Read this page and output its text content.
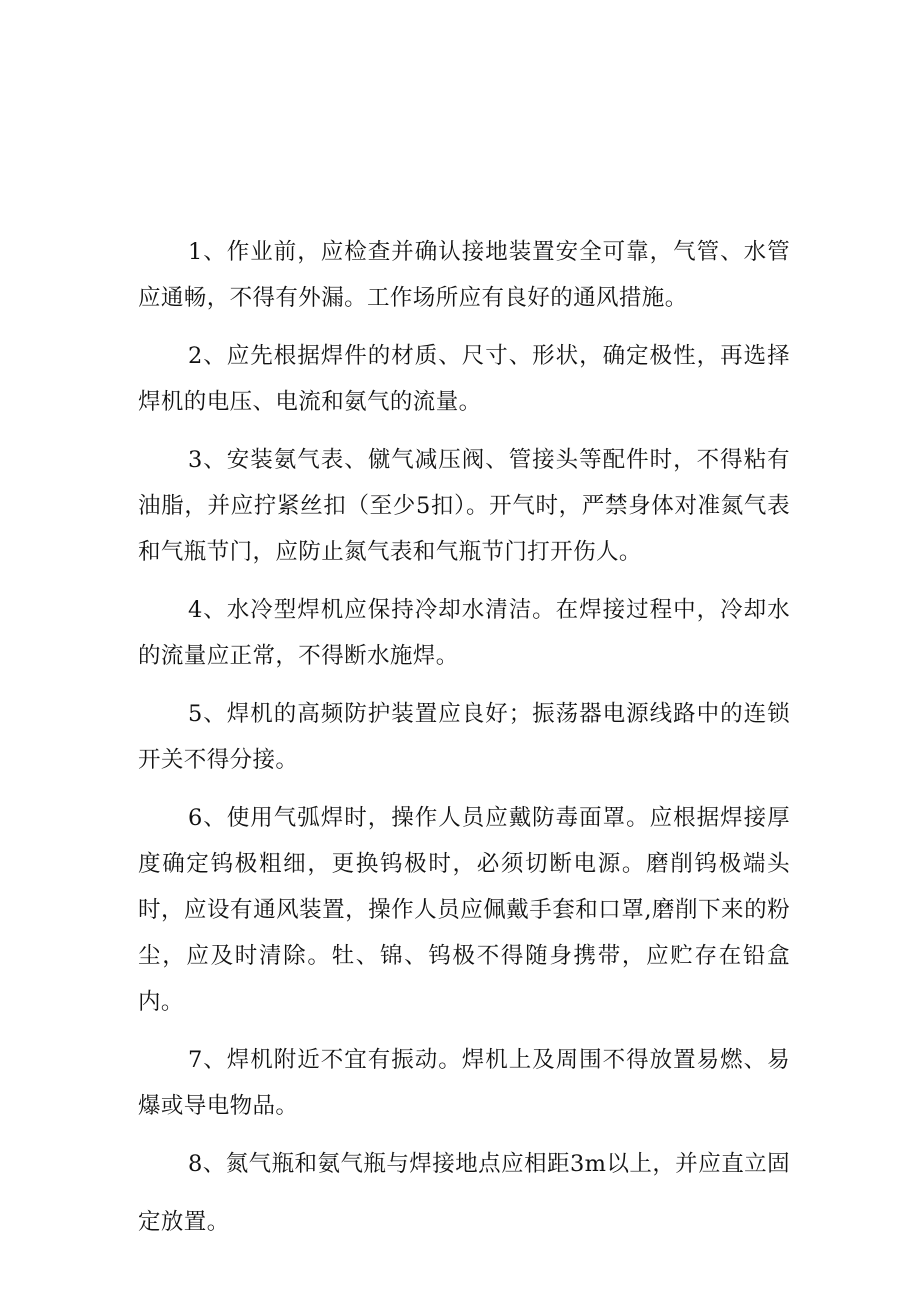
1、作业前，应检查并确认接地装置安全可靠，气管、水管应通畅，不得有外漏。工作场所应有良好的通风措施。

2、应先根据焊件的材质、尺寸、形状，确定极性，再选择焊机的电压、电流和氨气的流量。

3、安装氨气表、僦气减压阀、管接头等配件时，不得粘有油脂，并应拧紧丝扣（至少5扣）。开气时，严禁身体对准氮气表和气瓶节门，应防止氮气表和气瓶节门打开伤人。

4、水冷型焊机应保持冷却水清洁。在焊接过程中，冷却水的流量应正常，不得断水施焊。

5、焊机的高频防护装置应良好；振荡器电源线路中的连锁开关不得分接。

6、使用气弧焊时，操作人员应戴防毒面罩。应根据焊接厚度确定钨极粗细，更换钨极时，必须切断电源。磨削钨极端头时，应设有通风装置，操作人员应佩戴手套和口罩,磨削下来的粉尘，应及时清除。牡、锦、钨极不得随身携带，应贮存在铅盒内。

7、焊机附近不宜有振动。焊机上及周围不得放置易燃、易爆或导电物品。

8、氮气瓶和氨气瓶与焊接地点应相距3m以上，并应直立固定放置。
